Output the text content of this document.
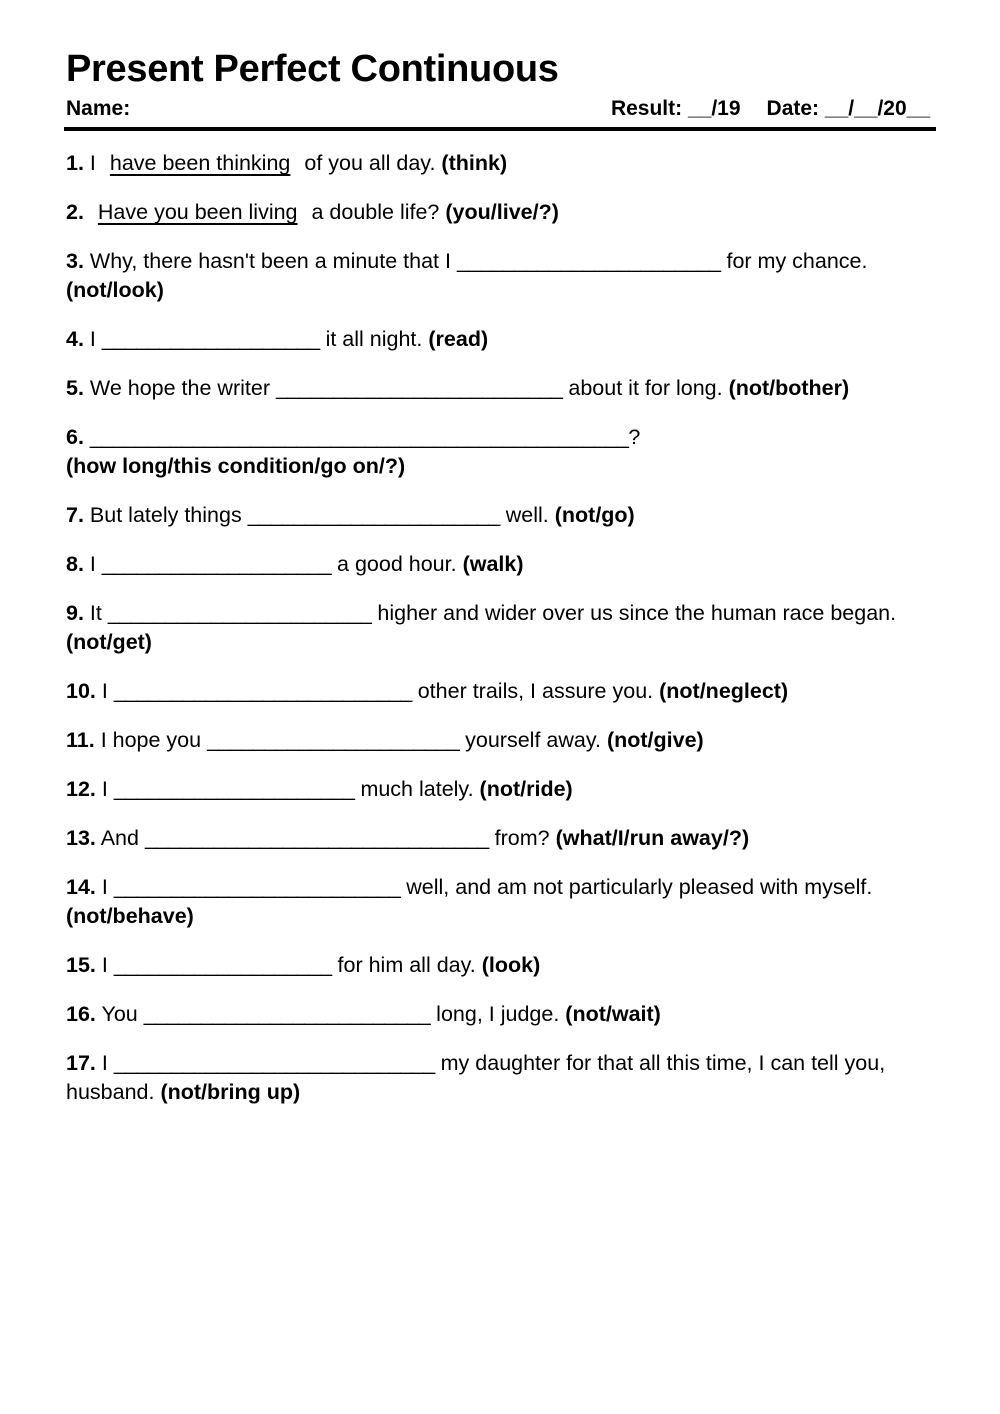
Present Perfect Continuous
Name:	Result: __/19 Date: __/__/20__

1. I have been thinking of you all day. (think)

2. Have you been living a double life? (you/live/?)

3. Why, there hasn't been a minute that I _______________________ for my chance. (not/look)

4. I ___________________ it all night. (read)

5. We hope the writer _________________________ about it for long. (not/bother)

6. _______________________________________________?
(how long/this condition/go on/?)

7. But lately things ______________________ well. (not/go)

8. I ____________________ a good hour. (walk)

9. It _______________________ higher and wider over us since the human race began. (not/get)

10. I __________________________ other trails, I assure you. (not/neglect)

11. I hope you ______________________ yourself away. (not/give)

12. I _____________________ much lately. (not/ride)

13. And ______________________________ from? (what/I/run away/?)

14. I _________________________ well, and am not particularly pleased with myself. (not/behave)

15. I ___________________ for him all day. (look)

16. You _________________________ long, I judge. (not/wait)

17. I ____________________________ my daughter for that all this time, I can tell you, husband. (not/bring up)
